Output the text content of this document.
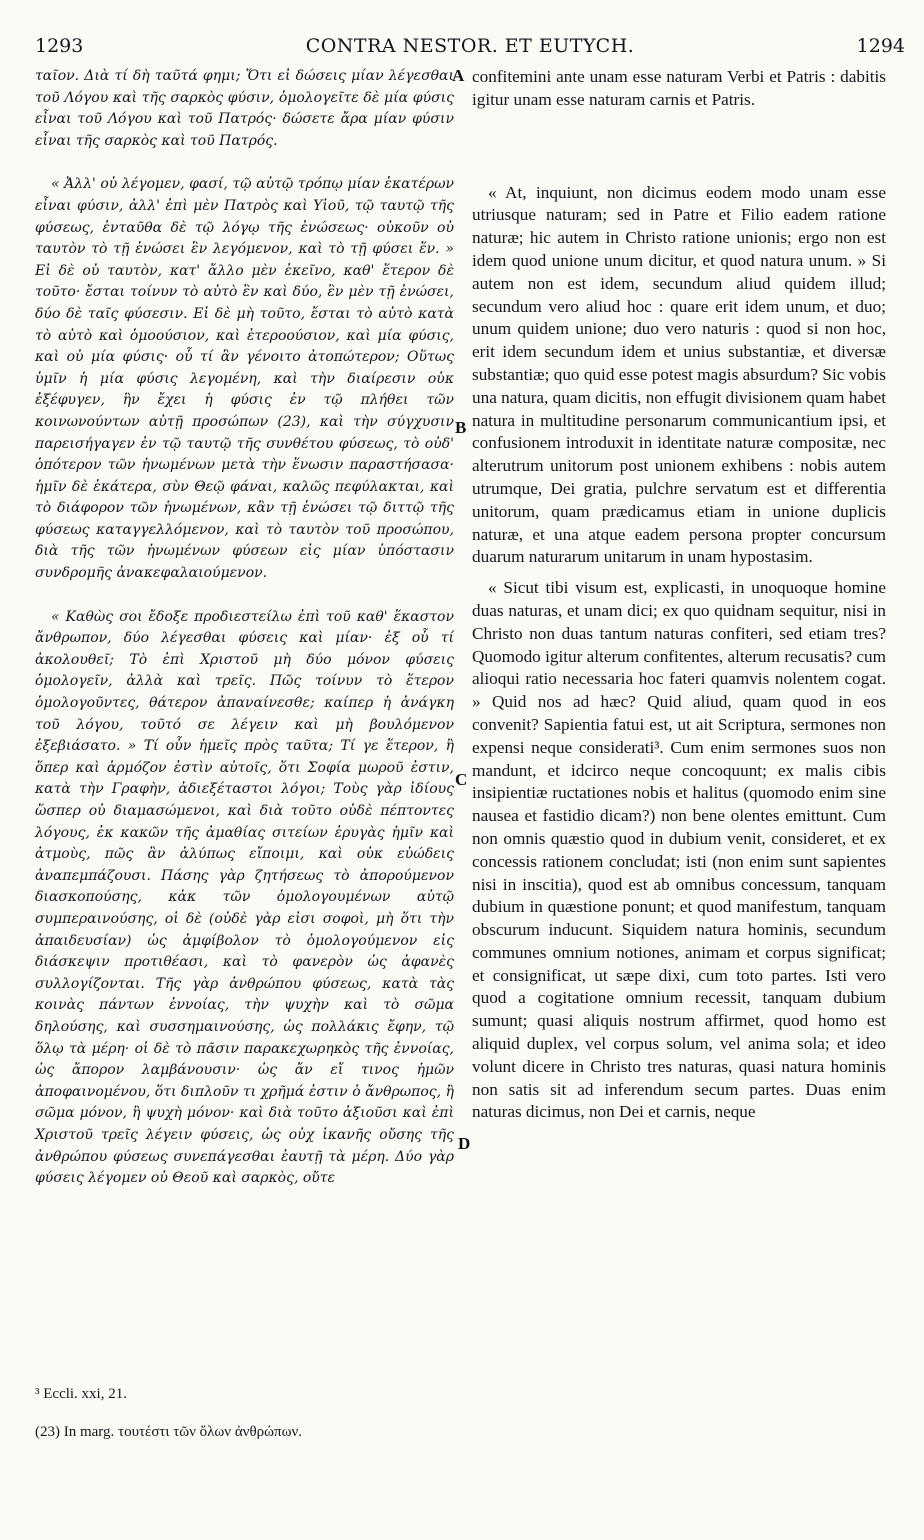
1293	CONTRA NESTOR. ET EUTYCH.	1294

ταῖον. Διὰ τί δὴ ταῦτά φημι; Ὅτι εἰ δώσεις μίαν λέγεσθαι τοῦ Λόγου καὶ τῆς σαρκὸς φύσιν, ὁμολογεῖτε δὲ μία φύσις εἶναι τοῦ Λόγου καὶ τοῦ Πατρός· δώσετε ἄρα μίαν φύσιν εἶναι τῆς σαρκὸς καὶ τοῦ Πατρός.

« Ἀλλ' οὐ λέγομεν, φασί, τῷ αὐτῷ τρόπῳ μίαν ἑκατέρων εἶναι φύσιν, ἀλλ' ἐπὶ μὲν Πατρὸς καὶ Υἱοῦ, τῷ ταυτῷ τῆς φύσεως, ἐνταῦθα δὲ τῷ λόγῳ τῆς ἐνώσεως· οὐκοῦν οὐ ταυτὸν τὸ τῇ ἑνώσει ἓν λεγόμενον, καὶ τὸ τῇ φύσει ἕν. » Εἰ δὲ οὐ ταυτὸν, κατ' ἄλλο μὲν ἐκεῖνο, καθ' ἕτερον δὲ τοῦτο· ἔσται τοίνυν τὸ αὐτὸ ἓν καὶ δύο, ἓν μὲν τῇ ἑνώσει, δύο δὲ ταῖς φύσεσιν. Εἰ δὲ μὴ τοῦτο, ἔσται τὸ αὐτὸ κατὰ τὸ αὐτὸ καὶ ὁμοούσιον, καὶ ἑτεροούσιον, καὶ μία φύσις, καὶ οὐ μία φύσις· οὗ τί ἂν γένοιτο ἀτοπώτερον; Οὕτως ὑμῖν ἡ μία φύσις λεγομένη, καὶ τὴν διαίρεσιν οὐκ ἐξέφυγεν, ἣν ἔχει ἡ φύσις ἐν τῷ πλήθει τῶν κοινωνούντων αὐτῇ προσώπων (23), καὶ τὴν σύγχυσιν παρεισήγαγεν ἐν τῷ ταυτῷ τῆς συνθέτου φύσεως, τὸ οὐδ' ὁπότερον τῶν ἡνωμένων μετὰ τὴν ἕνωσιν παραστήσασα· ἡμῖν δὲ ἑκάτερα, σὺν Θεῷ φάναι, καλῶς πεφύλακται, καὶ τὸ διάφορον τῶν ἡνωμένων, κἂν τῇ ἑνώσει τῷ διττῷ τῆς φύσεως καταγγελλόμενον, καὶ τὸ ταυτὸν τοῦ προσώπου, διὰ τῆς τῶν ἡνωμένων φύσεων εἰς μίαν ὑπόστασιν συνδρομῆς ἀνακεφαλαιούμενον.

« Καθὼς σοι ἔδοξε προδιεστείλω ἐπὶ τοῦ καθ' ἕκαστον ἄνθρωπον, δύο λέγεσθαι φύσεις καὶ μίαν· ἐξ οὗ τί ἀκολουθεῖ; Τὸ ἐπὶ Χριστοῦ μὴ δύο μόνον φύσεις ὁμολογεῖν, ἀλλὰ καὶ τρεῖς. Πῶς τοίνυν τὸ ἕτερον ὁμολογοῦντες, θάτερον ἀπαναίνεσθε; καίπερ ἡ ἀνάγκη τοῦ λόγου, τοῦτό σε λέγειν καὶ μὴ βουλόμενον ἐξεβιάσατο. » Τί οὖν ἡμεῖς πρὸς ταῦτα; Τί γε ἕτερον, ἢ ὅπερ καὶ ἁρμόζον ἐστὶν αὐτοῖς, ὅτι Σοφία μωροῦ ἐστιν, κατὰ τὴν Γραφὴν, ἀδιεξέταστοι λόγοι; Τοὺς γὰρ ἰδίους ὥσπερ οὐ διαμασώμενοι, καὶ διὰ τοῦτο οὐδὲ πέπτοντες λόγους, ἐκ κακῶν τῆς ἀμαθίας σιτείων ἐρυγὰς ἡμῖν καὶ ἀτμοὺς, πῶς ἂν ἀλύπως εἴποιμι, καὶ οὐκ εὐώδεις ἀναπεμπάζουσι. Πάσης γὰρ ζητήσεως τὸ ἀπορούμενον διασκοπούσης, κἀκ τῶν ὁμολογουμένων αὐτῷ συμπεραινούσης, οἱ δὲ (οὐδὲ γὰρ εἰσι σοφοὶ, μὴ ὅτι τὴν ἀπαιδευσίαν) ὡς ἀμφίβολον τὸ ὁμολογούμενον εἰς διάσκεψιν προτιθέασι, καὶ τὸ φανερὸν ὡς ἀφανὲς συλλογίζονται. Τῆς γὰρ ἀνθρώπου φύσεως, κατὰ τὰς κοινὰς πάντων ἐννοίας, τὴν ψυχὴν καὶ τὸ σῶμα δηλούσης, καὶ συσσημαινούσης, ὡς πολλάκις ἔφην, τῷ ὅλῳ τὰ μέρη· οἱ δὲ τὸ πᾶσιν παρακεχωρηκὸς τῆς ἐννοίας, ὡς ἄπορον λαμβάνουσιν· ὡς ἄν εἴ τινος ἡμῶν ἀποφαινομένου, ὅτι διπλοῦν τι χρῆμά ἐστιν ὁ ἄνθρωπος, ἢ σῶμα μόνον, ἢ ψυχὴ μόνον· καὶ διὰ τοῦτο ἀξιοῦσι καὶ ἐπὶ Χριστοῦ τρεῖς λέγειν φύσεις, ὡς οὐχ ἱκανῆς οὔσης τῆς ἀνθρώπου φύσεως συνεπάγεσθαι ἑαυτῇ τὰ μέρη. Δύο γὰρ φύσεις λέγομεν οὐ Θεοῦ καὶ σαρκὸς, οὔτε

confitemini ante unam esse naturam Verbi et Patris : dabitis igitur unam esse naturam carnis et Patris.

« At, inquiunt, non dicimus eodem modo unam esse utriusque naturam; sed in Patre et Filio eadem ratione naturæ; hic autem in Christo ratione unionis; ergo non est idem quod unione unum dicitur, et quod natura unum. » Si autem non est idem, secundum aliud quidem illud; secundum vero aliud hoc : quare erit idem unum, et duo; unum quidem unione; duo vero naturis : quod si non hoc, erit idem secundum idem et unius substantiæ, et diversæ substantiæ; quo quid esse potest magis absurdum? Sic vobis una natura, quam dicitis, non effugit divisionem quam habet natura in multitudine personarum communicantium ipsi, et confusionem introduxit in identitate naturæ compositæ, nec alterutrum unitorum post unionem exhibens : nobis autem utrumque, Dei gratia, pulchre servatum est et differentia unitorum, quam prædicamus etiam in unione duplicis naturæ, et una atque eadem persona propter concursum duarum naturarum unitarum in unam hypostasim.

« Sicut tibi visum est, explicasti, in unoquoque homine duas naturas, et unam dici; ex quo quidnam sequitur, nisi in Christo non duas tantum naturas confiteri, sed etiam tres? Quomodo igitur alterum confitentes, alterum recusatis? cum alioqui ratio necessaria hoc fateri quamvis nolentem cogat. » Quid nos ad hæc? Quid aliud, quam quod in eos convenit? Sapientia fatui est, ut ait Scriptura, sermones non expensi neque considerati³. Cum enim sermones suos non mandunt, et idcirco neque concoquunt; ex malis cibis insipientiæ ructationes nobis et halitus (quomodo enim sine nausea et fastidio dicam?) non bene olentes emittunt. Cum non omnis quæstio quod in dubium venit, consideret, et ex concessis rationem concludat; isti (non enim sunt sapientes nisi in inscitia), quod est ab omnibus concessum, tanquam dubium in quæstione ponunt; et quod manifestum, tanquam obscurum inducunt. Siquidem natura hominis, secundum communes omnium notiones, animam et corpus significat; et consignificat, ut sæpe dixi, cum toto partes. Isti vero quod a cogitatione omnium recessit, tanquam dubium sumunt; quasi aliquis nostrum affirmet, quod homo est aliquid duplex, vel corpus solum, vel anima sola; et ideo volunt dicere in Christo tres naturas, quasi natura hominis non satis sit ad inferendum secum partes. Duas enim naturas dicimus, non Dei et carnis, neque

A
B
C
D
³ Eccli. xxi, 21.
(23) In marg. τουτέστι τῶν ὅλων ἀνθρώπων.
